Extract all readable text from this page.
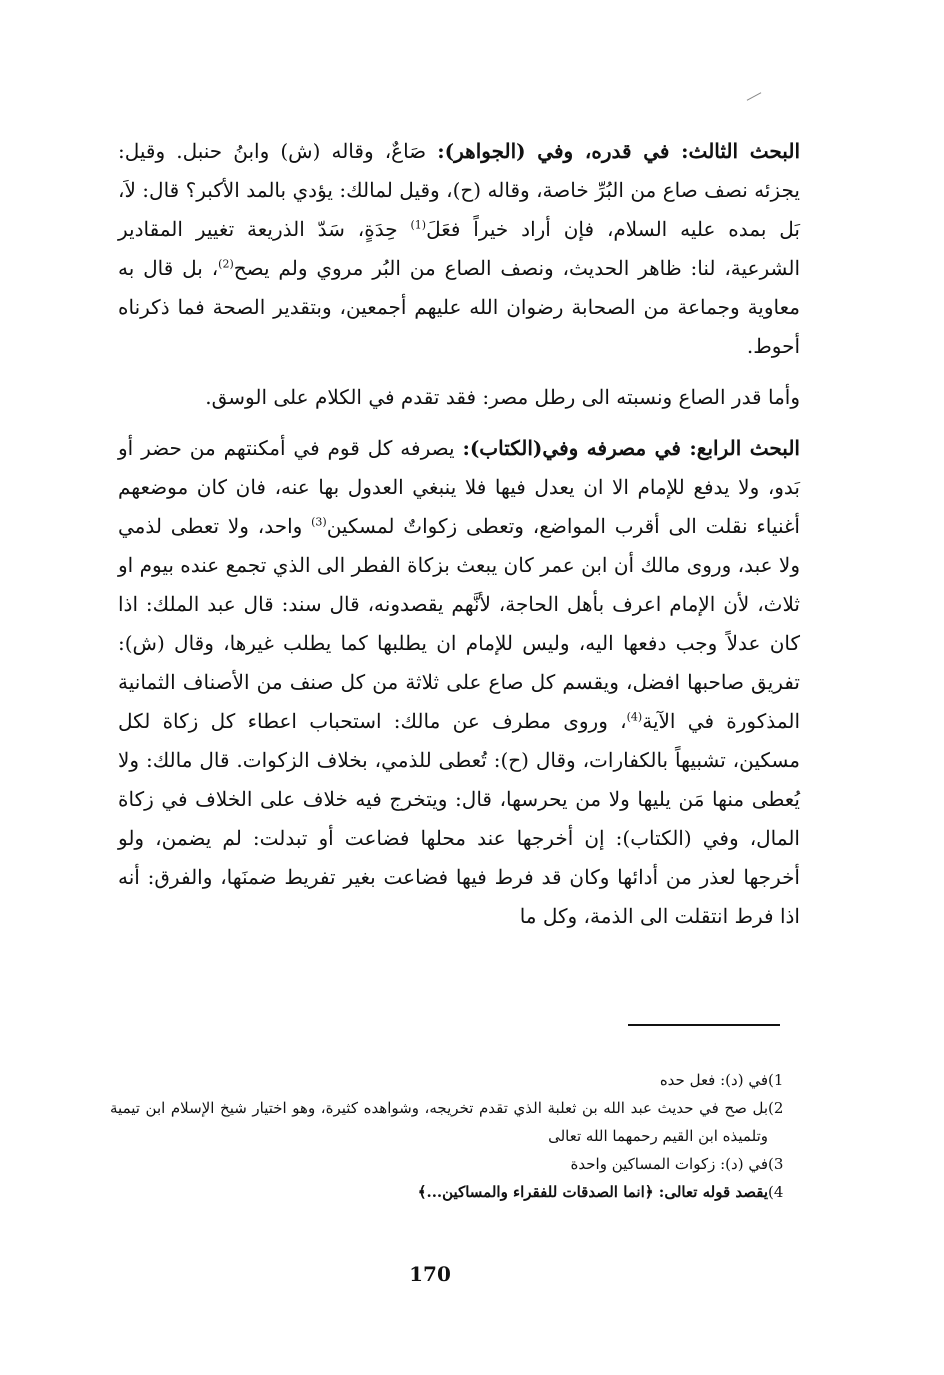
البحث الثالث: في قدره، وفي (الجواهر): صَاعٌ، وقاله (ش) وابنُ حنبل. وقيل: يجزئه نصف صاع من البُرِّ خاصة، وقاله (ح)، وقيل لمالك: يؤدي بالمد الأكبر؟ قال: لاَ، بَل بمده عليه السلام، فإن أراد خيراً فعَلَ$^{(1)}$ حِدَةٍ، سَدّ الذريعة تغيير المقادير الشرعية، لنا: ظاهر الحديث، ونصف الصاع من البُر مروي ولم يصح$^{(2)}$، بل قال به معاوية وجماعة من الصحابة رضوان الله عليهم أجمعين، وبتقدير الصحة فما ذكرناه أحوط.

وأما قدر الصاع ونسبته الى رطل مصر: فقد تقدم في الكلام على الوسق.

البحث الرابع: في مصرفه وفي(الكتاب): يصرفه كل قوم في أمكنتهم من حضر أو بَدو، ولا يدفع للإمام الا ان يعدل فيها فلا ينبغي العدول بها عنه، فان كان موضعهم أغنياء نقلت الى أقرب المواضع، وتعطى زكواتٌ لمسكين$^{(3)}$ واحد، ولا تعطى لذمي ولا عبد، وروى مالك أن ابن عمر كان يبعث بزكاة الفطر الى الذي تجمع عنده بيوم او ثلاث، لأن الإمام اعرف بأهل الحاجة، لأنَّهم يقصدونه، قال سند: قال عبد الملك: اذا كان عدلاً وجب دفعها اليه، وليس للإمام ان يطلبها كما يطلب غيرها، وقال (ش): تفريق صاحبها افضل، ويقسم كل صاع على ثلاثة من كل صنف من الأصناف الثمانية المذكورة في الآية$^{(4)}$، وروى مطرف عن مالك: استحباب اعطاء كل زكاة لكل مسكين، تشبيهاً بالكفارات، وقال (ح): تُعطى للذمي، بخلاف الزكوات. قال مالك: ولا يُعطى منها مَن يليها ولا من يحرسها، قال: ويتخرج فيه خلاف على الخلاف في زكاة المال، وفي (الكتاب): إن أخرجها عند محلها فضاعت أو تبدلت: لم يضمن، ولو أخرجها لعذر من أدائها وكان قد فرط فيها فضاعت بغير تفريط ضمنَها، والفرق: أنه اذا فرط انتقلت الى الذمة، وكل ما

(1
في (د): فعل حده
(2
بل صح في حديث عبد الله بن ثعلبة الذي تقدم تخريجه، وشواهده كثيرة، وهو اختيار شيخ الإسلام ابن تيمية وتلميذه ابن القيم رحمهما الله تعالى
(3
في (د): زكوات المساكين واحدة
(4
يقصد قوله تعالى: ﴿انما الصدقات للفقراء والمساكين...﴾
170
